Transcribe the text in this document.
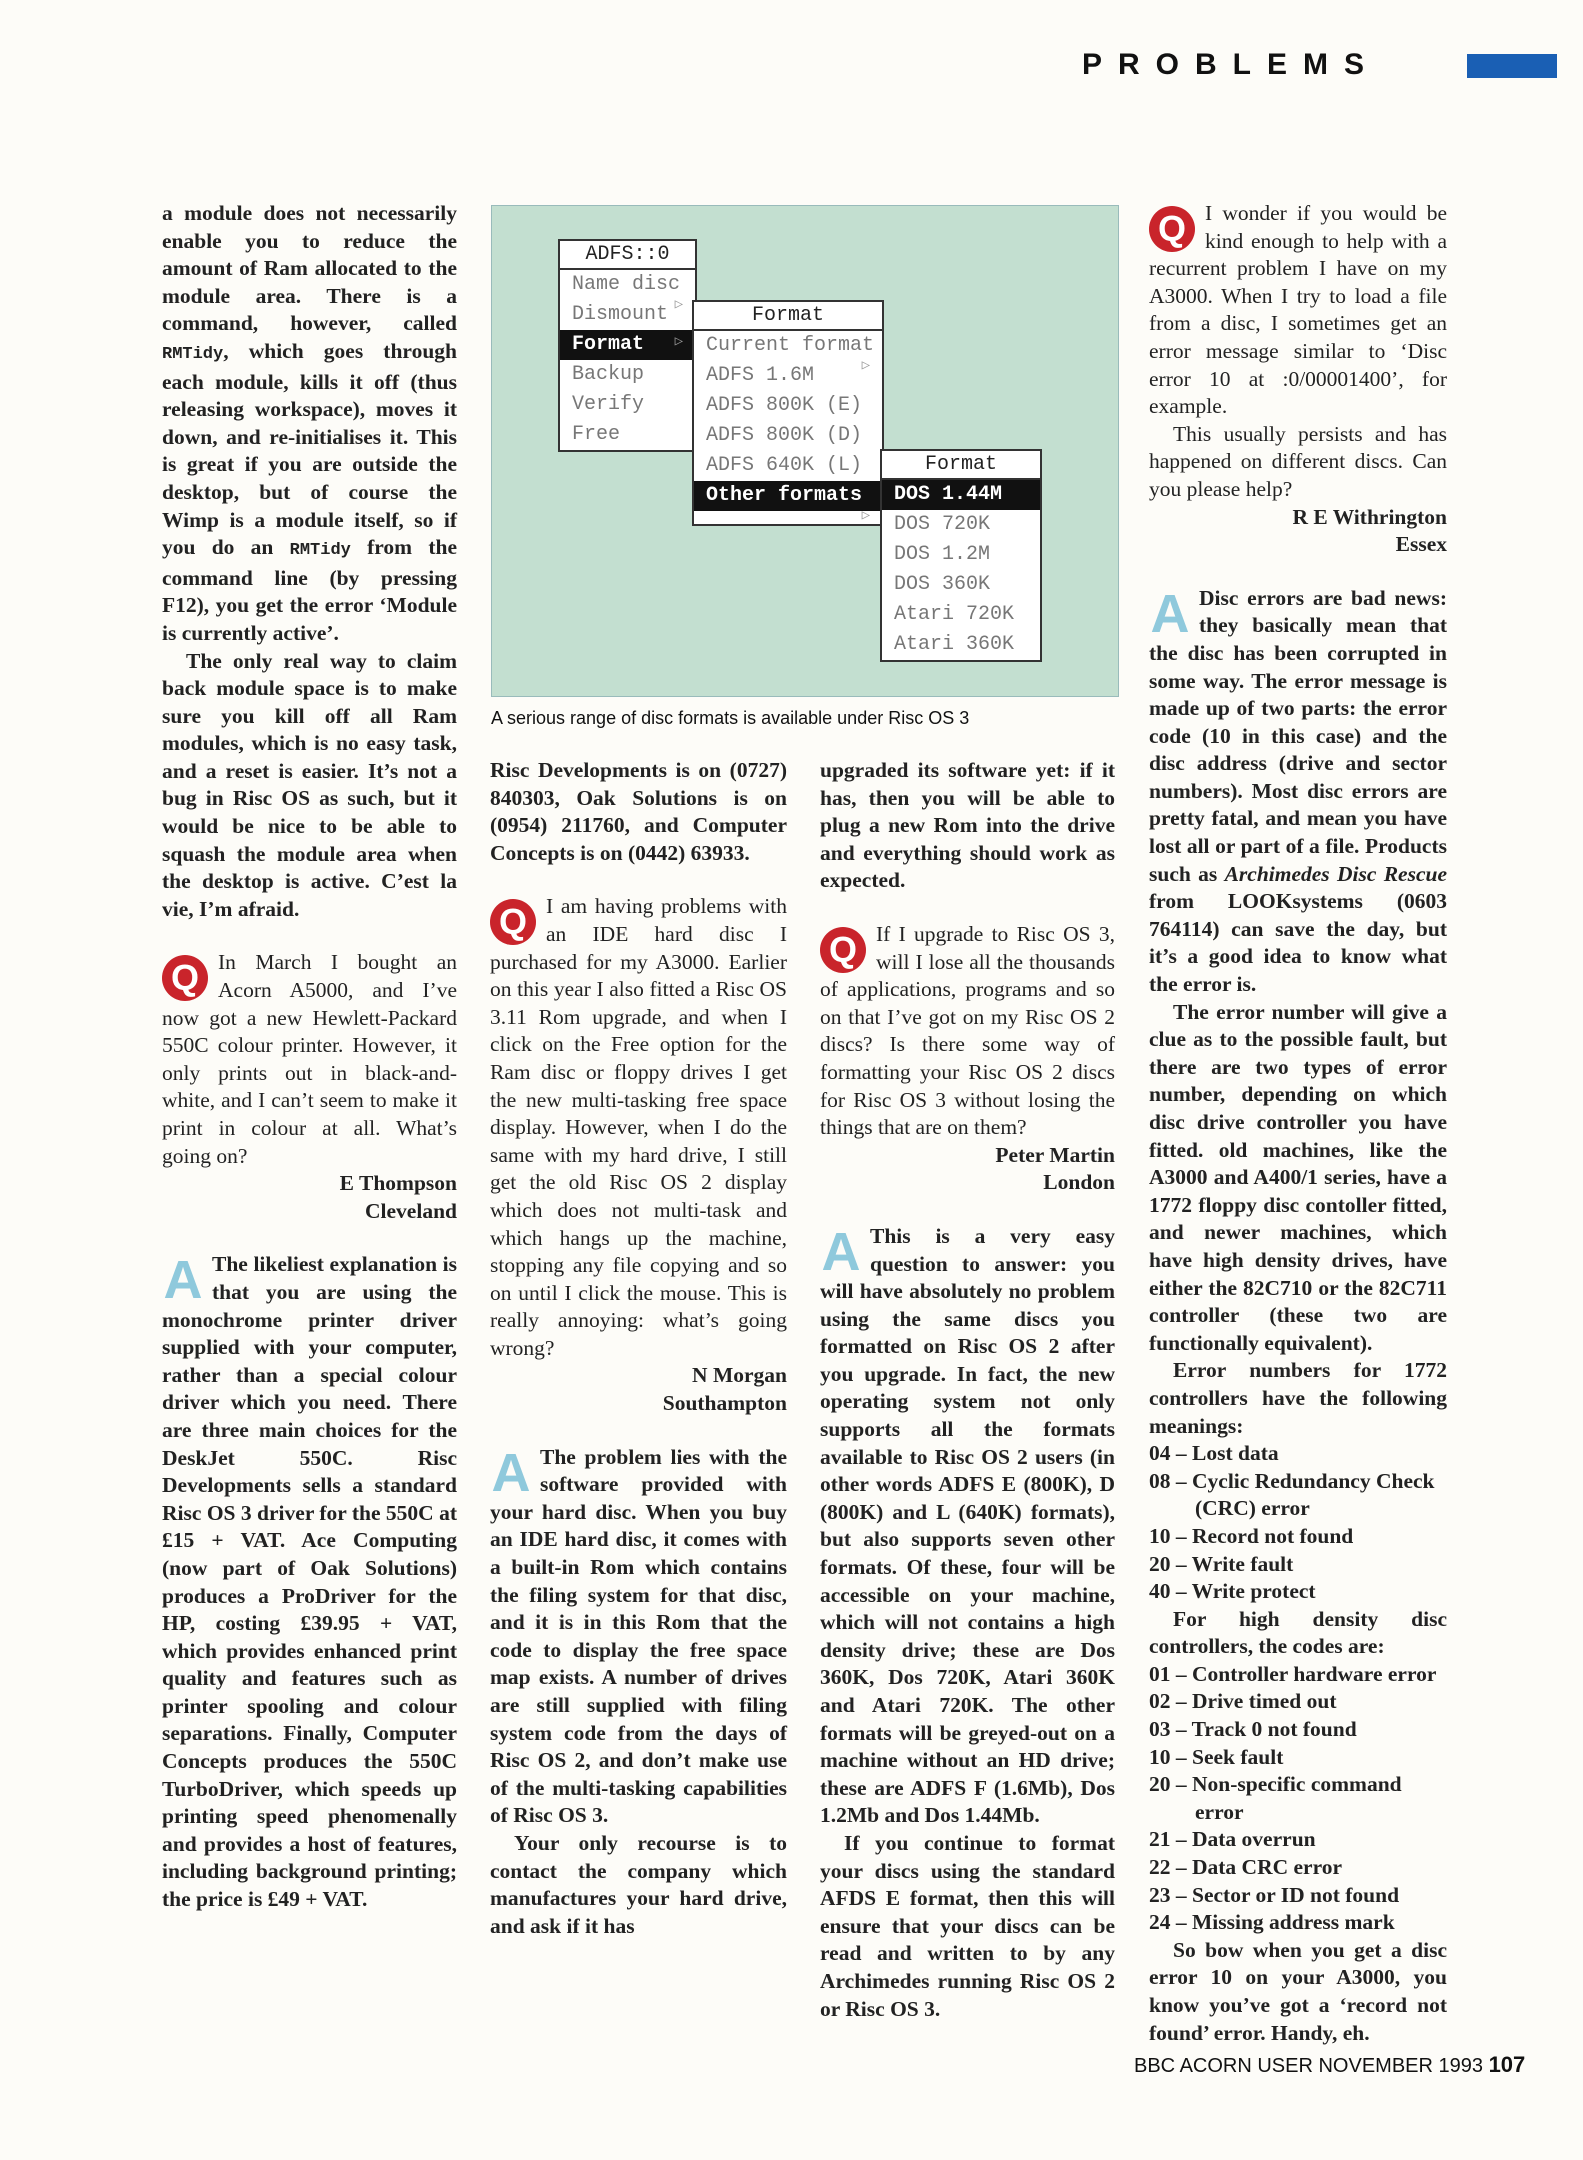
PROBLEMS

a module does not necessarily enable you to reduce the amount of Ram allocated to the module area. There is a command, however, called RMTidy, which goes through each module, kills it off (thus releasing workspace), moves it down, and re-initialises it. This is great if you are outside the desktop, but of course the Wimp is a module itself, so if you do an RMTidy from the command line (by pressing F12), you get the error ‘Module is currently active’.

The only real way to claim back module space is to make sure you kill off all Ram modules, which is no easy task, and a reset is easier. It’s not a bug in Risc OS as such, but it would be nice to be able to squash the module area when the desktop is active. C’est la vie, I’m afraid.

Q In March I bought an Acorn A5000, and I’ve now got a new Hewlett-Packard 550C colour printer. However, it only prints out in black-and-white, and I can’t seem to make it print in colour at all. What’s going on?

E Thompson

Cleveland

A The likeliest explanation is that you are using the monochrome printer driver supplied with your computer, rather than a special colour driver which you need. There are three main choices for the DeskJet 550C. Risc Developments sells a standard Risc OS 3 driver for the 550C at £15 + VAT. Ace Computing (now part of Oak Solutions) produces a ProDriver for the HP, costing £39.95 + VAT, which provides enhanced print quality and features such as printer spooling and colour separations. Finally, Computer Concepts produces the 550C TurboDriver, which speeds up printing speed phenomenally and provides a host of features, including background printing; the price is £49 + VAT.

ADFS::0
Name disc
▷
Dismount
Format ▷
Backup
Verify
Free
Format
Current format
▷
ADFS 1.6M
ADFS 800K (E)
ADFS 800K (D)
ADFS 640K (L)
Other formats
▷
Format
DOS 1.44M
DOS 720K
DOS 1.2M
DOS 360K
Atari 720K
Atari 360K
A serious range of disc formats is available under Risc OS 3

Risc Developments is on (0727) 840303, Oak Solutions is on (0954) 211760, and Computer Concepts is on (0442) 63933.

Q I am having problems with an IDE hard disc I purchased for my A3000. Earlier on this year I also fitted a Risc OS 3.11 Rom upgrade, and when I click on the Free option for the Ram disc or floppy drives I get the new multi-tasking free space display. However, when I do the same with my hard drive, I still get the old Risc OS 2 display which does not multi-task and which hangs up the machine, stopping any file copying and so on until I click the mouse. This is really annoying: what’s going wrong?

N Morgan

Southampton

A The problem lies with the software provided with your hard disc. When you buy an IDE hard disc, it comes with a built-in Rom which contains the filing system for that disc, and it is in this Rom that the code to display the free space map exists. A number of drives are still supplied with filing system code from the days of Risc OS 2, and don’t make use of the multi-tasking capabilities of Risc OS 3.

Your only recourse is to contact the company which manufactures your hard drive, and ask if it has

upgraded its software yet: if it has, then you will be able to plug a new Rom into the drive and everything should work as expected.

Q If I upgrade to Risc OS 3, will I lose all the thousands of applications, programs and so on that I’ve got on my Risc OS 2 discs? Is there some way of formatting your Risc OS 2 discs for Risc OS 3 without losing the things that are on them?

Peter Martin

London

A This is a very easy question to answer: you will have absolutely no problem using the same discs you formatted on Risc OS 2 after you upgrade. In fact, the new operating system not only supports all the formats available to Risc OS 2 users (in other words ADFS E (800K), D (800K) and L (640K) formats), but also supports seven other formats. Of these, four will be accessible on your machine, which will not contains a high density drive; these are Dos 360K, Dos 720K, Atari 360K and Atari 720K. The other formats will be greyed-out on a machine without an HD drive; these are ADFS F (1.6Mb), Dos 1.2Mb and Dos 1.44Mb.

If you continue to format your discs using the standard AFDS E format, then this will ensure that your discs can be read and written to by any Archimedes running Risc OS 2 or Risc OS 3.

Q I wonder if you would be kind enough to help with a recurrent problem I have on my A3000. When I try to load a file from a disc, I sometimes get an error message similar to ‘Disc error 10 at :0/00001400’, for example.

This usually persists and has happened on different discs. Can you please help?

R E Withrington

Essex

A Disc errors are bad news: they basically mean that the disc has been corrupted in some way. The error message is made up of two parts: the error code (10 in this case) and the disc address (drive and sector numbers). Most disc errors are pretty fatal, and mean you have lost all or part of a file. Products such as Archimedes Disc Rescue from LOOKsystems (0603 764114) can save the day, but it’s a good idea to know what the error is.

The error number will give a clue as to the possible fault, but there are two types of error number, depending on which disc drive controller you have fitted. old machines, like the A3000 and A400/1 series, have a 1772 floppy disc contoller fitted, and newer machines, which have high density drives, have either the 82C710 or the 82C711 controller (these two are functionally equivalent).

Error numbers for 1772 controllers have the following meanings:

04 – Lost data

08 – Cyclic Redundancy Check (CRC) error

10 – Record not found

20 – Write fault

40 – Write protect

For high density disc controllers, the codes are:

01 – Controller hardware error

02 – Drive timed out

03 – Track 0 not found

10 – Seek fault

20 – Non-specific command error

21 – Data overrun

22 – Data CRC error

23 – Sector or ID not found

24 – Missing address mark

So bow when you get a disc error 10 on your A3000, you know you’ve got a ‘record not found’ error. Handy, eh.

BBC ACORN USER NOVEMBER 1993 107
